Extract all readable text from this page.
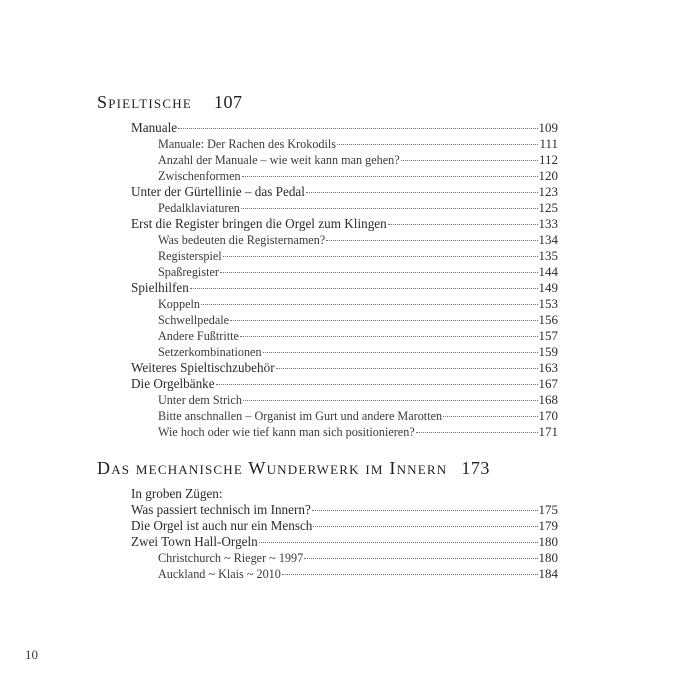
Spieltische 107
Manuale	109
Manuale: Der Rachen des Krokodils	111
Anzahl der Manuale – wie weit kann man gehen?	112
Zwischenformen	120
Unter der Gürtellinie – das Pedal	123
Pedalklaviaturen	125
Erst die Register bringen die Orgel zum Klingen	133
Was bedeuten die Registernamen?	134
Registerspiel	135
Spaßregister	144
Spielhilfen	149
Koppeln	153
Schwellpedale	156
Andere Fußtritte	157
Setzerkombinationen	159
Weiteres Spieltischzubehör	163
Die Orgelbänke	167
Unter dem Strich	168
Bitte anschnallen – Organist im Gurt und andere Marotten	170
Wie hoch oder wie tief kann man sich positionieren?	171
Das mechanische Wunderwerk im Innern 173
In groben Zügen:
Was passiert technisch im Innern?	175
Die Orgel ist auch nur ein Mensch	179
Zwei Town Hall-Orgeln	180
Christchurch ~ Rieger ~ 1997	180
Auckland ~ Klais ~ 2010	184
10
